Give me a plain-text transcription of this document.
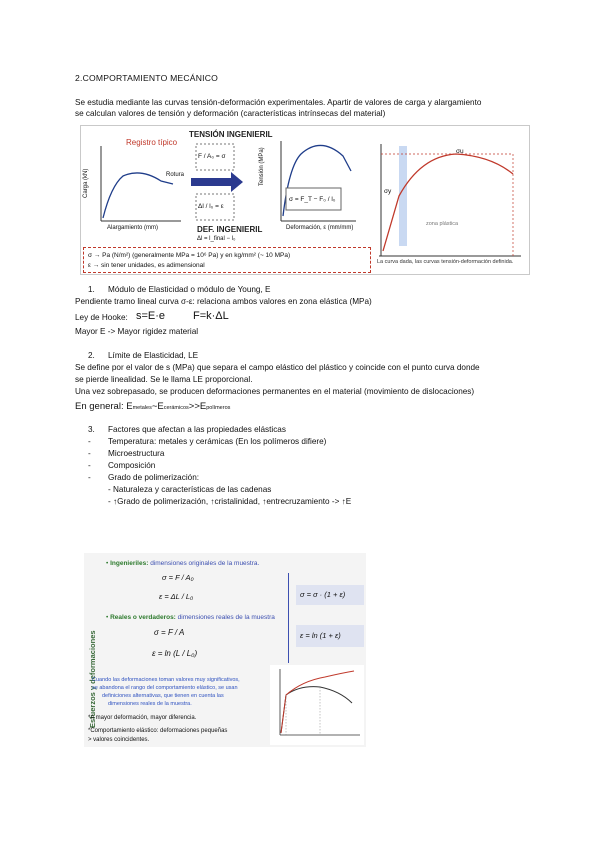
2.COMPORTAMIENTO MECÁNICO
Se estudia mediante las curvas tensión-deformación experimentales. Apartir de valores de carga y alargamiento
se calculan valores de tensión y deformación (características intrínsecas del material)
Registro típico
Carga (kN)
Alargamiento (mm)
Rotura
TENSIÓN INGENIERIL
F / A₀ = σ
Δl / l₀ = ε
DEF. INGENIERIL
Δl = l_final − l₀
Tensión (MPa)
Deformación, ε (mm/mm)
σ = F_T − F₀ / l₀
σu
σy
zona plástica
La curva dada, las curvas tensión-deformación definida.
σ → Pa (N/m²) (generalmente MPa = 10⁶ Pa) y en kg/mm² (~ 10 MPa)
ε → sin tener unidades, es adimensional
1. Módulo de Elasticidad o módulo de Young, E
Pendiente tramo lineal curva σ-ε: relaciona ambos valores en zona elástica (MPa)
Ley de Hooke: s=E·e	F=k·ΔL
Mayor E -> Mayor rigidez material
2. Límite de Elasticidad, LE
Se define por el valor de s (MPa) que separa el campo elástico del plástico y coincide con el punto curva donde
se pierde linealidad. Se le llama LE proporcional.
Una vez sobrepasado, se producen deformaciones permanentes en el material (movimiento de dislocaciones)
En general: Emetales~Ecerámicos>>Epolímeros
3. Factores que afectan a las propiedades elásticas
- Temperatura: metales y cerámicas (En los polímeros difiere)
- Microestructura
- Composición
- Grado de polimerización:
- Naturaleza y características de las cadenas
- ↑Grado de polimerización, ↑cristalinidad, ↑entrecruzamiento -> ↑E
Esfuerzos y deformaciones
• Ingenieriles: dimensiones originales de la muestra.
σ = F / A₀
ε = ΔL / L₀
• Reales o verdaderos: dimensiones reales de la muestra
σ = F / A
ε = ln (L / L₀)
σ = σ · (1 + ε)
ε = ln (1 + ε)
Cuando las deformaciones toman valores muy significativos,
se abandona el rango del comportamiento elástico, se usan
definiciones alternativas, que tienen en cuenta las
dimensiones reales de la muestra.
*A mayor deformación, mayor diferencia.
*Comportamiento elástico: deformaciones pequeñas
> valores coincidentes.
